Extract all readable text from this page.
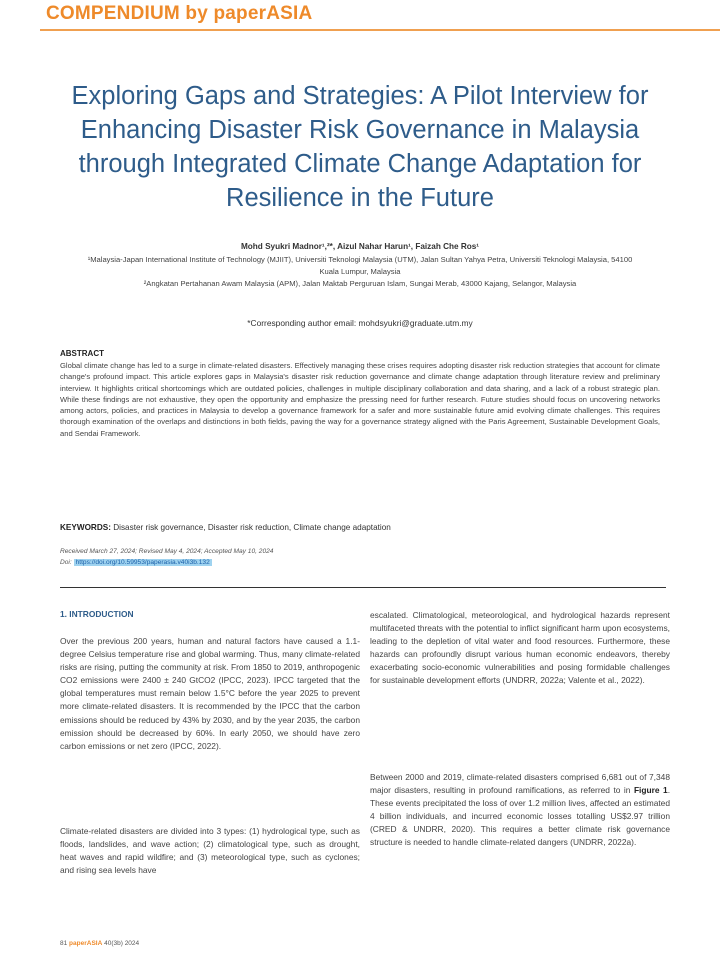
COMPENDIUM by paperASIA
Exploring Gaps and Strategies: A Pilot Interview for Enhancing Disaster Risk Governance in Malaysia through Integrated Climate Change Adaptation for Resilience in the Future
Mohd Syukri Madnor¹,²*, Aizul Nahar Harun¹, Faizah Che Ros¹
¹Malaysia-Japan International Institute of Technology (MJIIT), Universiti Teknologi Malaysia (UTM), Jalan Sultan Yahya Petra, Universiti Teknologi Malaysia, 54100 Kuala Lumpur, Malaysia
²Angkatan Pertahanan Awam Malaysia (APM), Jalan Maktab Perguruan Islam, Sungai Merab, 43000 Kajang, Selangor, Malaysia
*Corresponding author email: mohdsyukri@graduate.utm.my
ABSTRACT

Global climate change has led to a surge in climate-related disasters. Effectively managing these crises requires adopting disaster risk reduction strategies that account for climate change's profound impact. This article explores gaps in Malaysia's disaster risk reduction governance and climate change adaptation through literature review and preliminary interview. It highlights critical shortcomings which are outdated policies, challenges in multiple disciplinary collaboration and data sharing, and a lack of a robust strategic plan. While these findings are not exhaustive, they open the opportunity and emphasize the pressing need for further research. Future studies should focus on uncovering networks among actors, policies, and practices in Malaysia to develop a governance framework for a safer and more sustainable future amid evolving climate challenges. This requires thorough examination of the overlaps and distinctions in both fields, paving the way for a governance strategy aligned with the Paris Agreement, Sustainable Development Goals, and Sendai Framework.

KEYWORDS: Disaster risk governance, Disaster risk reduction, Climate change adaptation
Received March 27, 2024; Revised May 4, 2024; Accepted May 10, 2024
Doi: https://doi.org/10.59953/paperasia.v40i3b.132
1. INTRODUCTION

Over the previous 200 years, human and natural factors have caused a 1.1-degree Celsius temperature rise and global warming. Thus, many climate-related risks are rising, putting the community at risk. From 1850 to 2019, anthropogenic CO2 emissions were 2400 ± 240 GtCO2 (IPCC, 2023). IPCC targeted that the global temperatures must remain below 1.5°C before the year 2025 to prevent more climate-related disasters. It is recommended by the IPCC that the carbon emissions should be reduced by 43% by 2030, and by the year 2035, the carbon emission should be decreased by 60%. In early 2050, we should have zero carbon emissions or net zero (IPCC, 2022).

Climate-related disasters are divided into 3 types: (1) hydrological type, such as floods, landslides, and wave action; (2) climatological type, such as drought, heat waves and rapid wildfire; and (3) meteorological type, such as cyclones; and rising sea levels have

escalated. Climatological, meteorological, and hydrological hazards represent multifaceted threats with the potential to inflict significant harm upon ecosystems, leading to the depletion of vital water and food resources. Furthermore, these hazards can profoundly disrupt various human economic endeavors, thereby exacerbating socio-economic vulnerabilities and posing formidable challenges for sustainable development efforts (UNDRR, 2022a; Valente et al., 2022).

Between 2000 and 2019, climate-related disasters comprised 6,681 out of 7,348 major disasters, resulting in profound ramifications, as referred to in Figure 1. These events precipitated the loss of over 1.2 million lives, affected an estimated 4 billion individuals, and incurred economic losses totalling US$2.97 trillion (CRED & UNDRR, 2020). This requires a better climate risk governance structure is needed to handle climate-related dangers (UNDRR, 2022a).

81 paperASIA 40(3b) 2024
